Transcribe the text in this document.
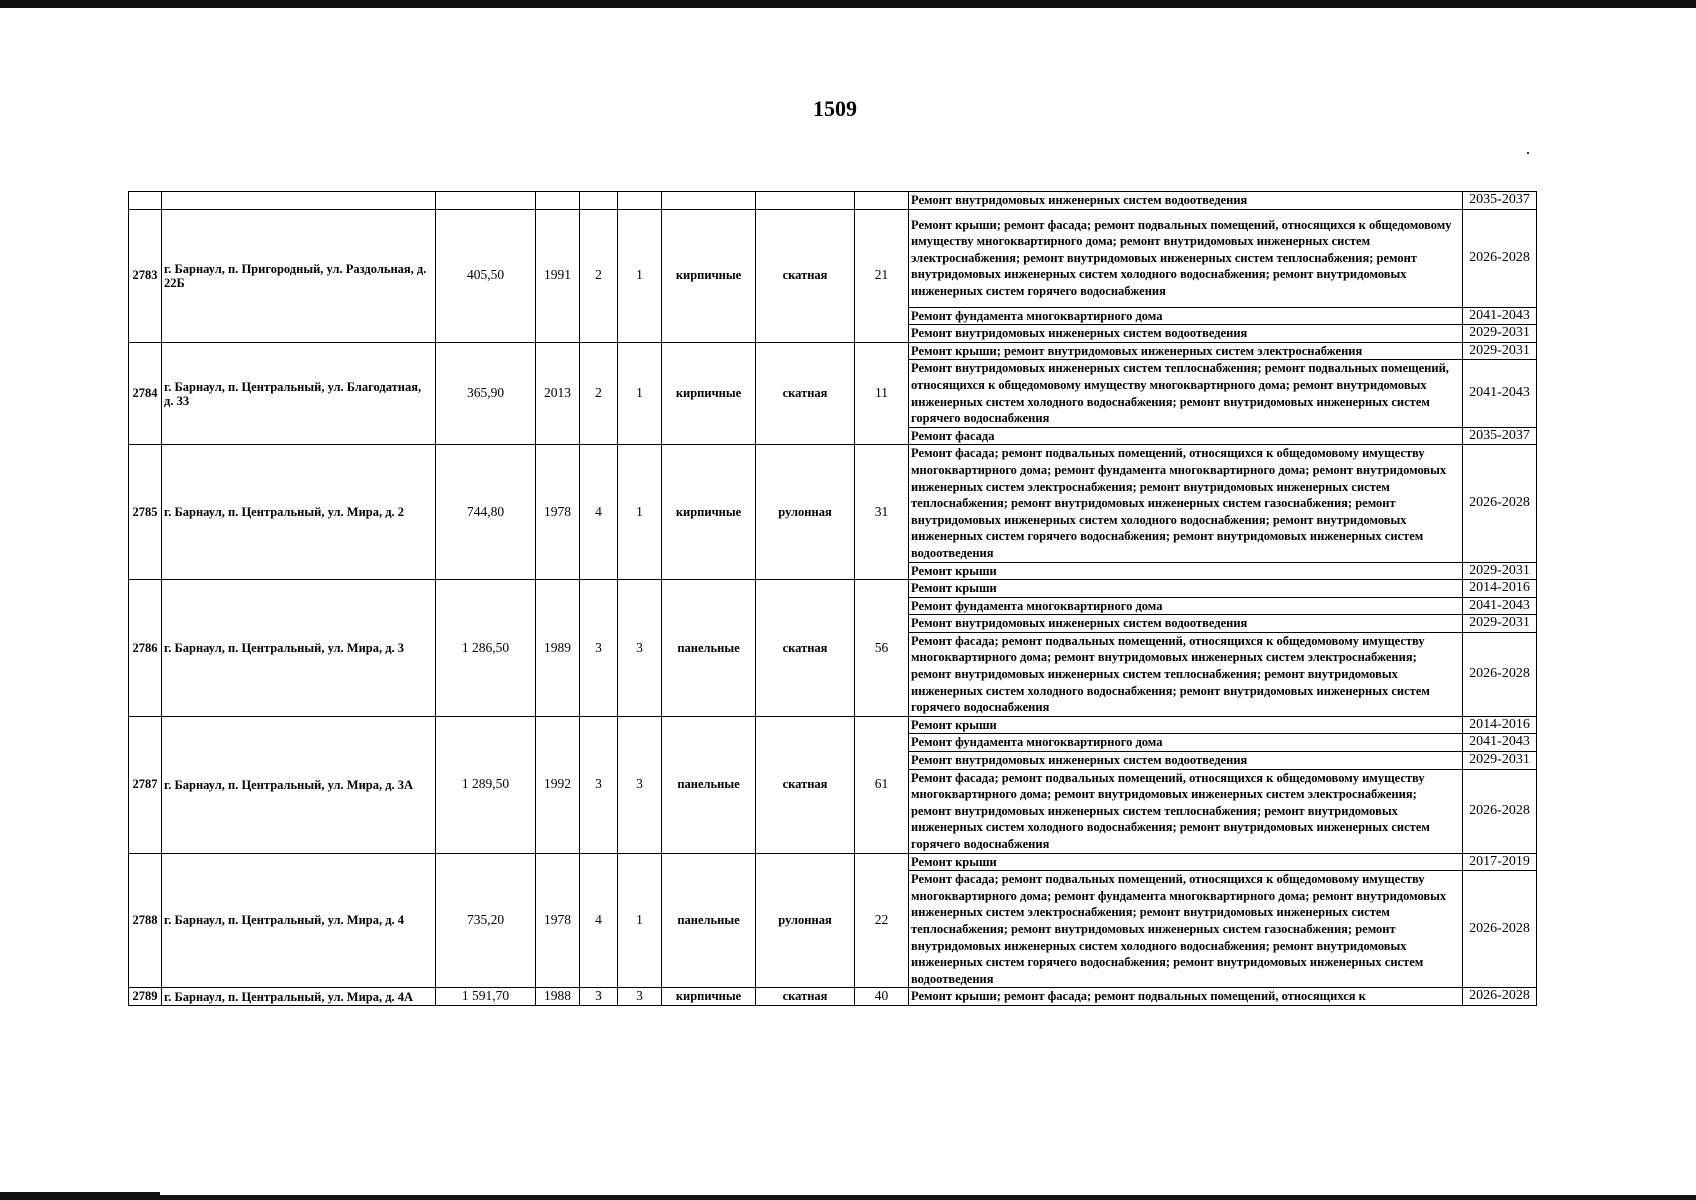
1509
									Ремонт внутридомовых инженерных систем водоотведения	2035-2037
2783	г. Барнаул, п. Пригородный, ул. Раздольная, д. 22Б	405,50	1991	2	1	кирпичные	скатная	21	Ремонт крыши; ремонт фасада; ремонт подвальных помещений, относящихся к общедомовому имуществу многоквартирного дома; ремонт внутридомовых инженерных систем электроснабжения; ремонт внутридомовых инженерных систем теплоснабжения; ремонт внутридомовых инженерных систем холодного водоснабжения; ремонт внутридомовых инженерных систем горячего водоснабжения	2026-2028
									Ремонт фундамента многоквартирного дома	2041-2043
									Ремонт внутридомовых инженерных систем водоотведения	2029-2031
2784	г. Барнаул, п. Центральный, ул. Благодатная, д. 33	365,90	2013	2	1	кирпичные	скатная	11	Ремонт крыши; ремонт внутридомовых инженерных систем электроснабжения	2029-2031
									Ремонт внутридомовых инженерных систем теплоснабжения; ремонт подвальных помещений, относящихся к общедомовому имуществу многоквартирного дома; ремонт внутридомовых инженерных систем холодного водоснабжения; ремонт внутридомовых инженерных систем горячего водоснабжения	2041-2043
									Ремонт фасада	2035-2037
2785	г. Барнаул, п. Центральный, ул. Мира, д. 2	744,80	1978	4	1	кирпичные	рулонная	31	Ремонт фасада; ремонт подвальных помещений, относящихся к общедомовому имуществу многоквартирного дома; ремонт фундамента многоквартирного дома; ремонт внутридомовых инженерных систем электроснабжения; ремонт внутридомовых инженерных систем теплоснабжения; ремонт внутридомовых инженерных систем газоснабжения; ремонт внутридомовых инженерных систем холодного водоснабжения; ремонт внутридомовых инженерных систем горячего водоснабжения; ремонт внутридомовых инженерных систем водоотведения	2026-2028
									Ремонт крыши	2029-2031
2786	г. Барнаул, п. Центральный, ул. Мира, д. 3	1 286,50	1989	3	3	панельные	скатная	56	Ремонт крыши	2014-2016
									Ремонт фундамента многоквартирного дома	2041-2043
									Ремонт внутридомовых инженерных систем водоотведения	2029-2031
									Ремонт фасада; ремонт подвальных помещений, относящихся к общедомовому имуществу многоквартирного дома; ремонт внутридомовых инженерных систем электроснабжения; ремонт внутридомовых инженерных систем теплоснабжения; ремонт внутридомовых инженерных систем холодного водоснабжения; ремонт внутридомовых инженерных систем горячего водоснабжения	2026-2028
2787	г. Барнаул, п. Центральный, ул. Мира, д. 3А	1 289,50	1992	3	3	панельные	скатная	61	Ремонт крыши	2014-2016
									Ремонт фундамента многоквартирного дома	2041-2043
									Ремонт внутридомовых инженерных систем водоотведения	2029-2031
									Ремонт фасада; ремонт подвальных помещений, относящихся к общедомовому имуществу многоквартирного дома; ремонт внутридомовых инженерных систем электроснабжения; ремонт внутридомовых инженерных систем теплоснабжения; ремонт внутридомовых инженерных систем холодного водоснабжения; ремонт внутридомовых инженерных систем горячего водоснабжения	2026-2028
2788	г. Барнаул, п. Центральный, ул. Мира, д. 4	735,20	1978	4	1	панельные	рулонная	22	Ремонт крыши	2017-2019
									Ремонт фасада; ремонт подвальных помещений, относящихся к общедомовому имуществу многоквартирного дома; ремонт фундамента многоквартирного дома; ремонт внутридомовых инженерных систем электроснабжения; ремонт внутридомовых инженерных систем теплоснабжения; ремонт внутридомовых инженерных систем газоснабжения; ремонт внутридомовых инженерных систем холодного водоснабжения; ремонт внутридомовых инженерных систем горячего водоснабжения; ремонт внутридомовых инженерных систем водоотведения	2026-2028
2789	г. Барнаул, п. Центральный, ул. Мира, д. 4А	1 591,70	1988	3	3	кирпичные	скатная	40	Ремонт крыши; ремонт фасада; ремонт подвальных помещений, относящихся к	2026-2028
